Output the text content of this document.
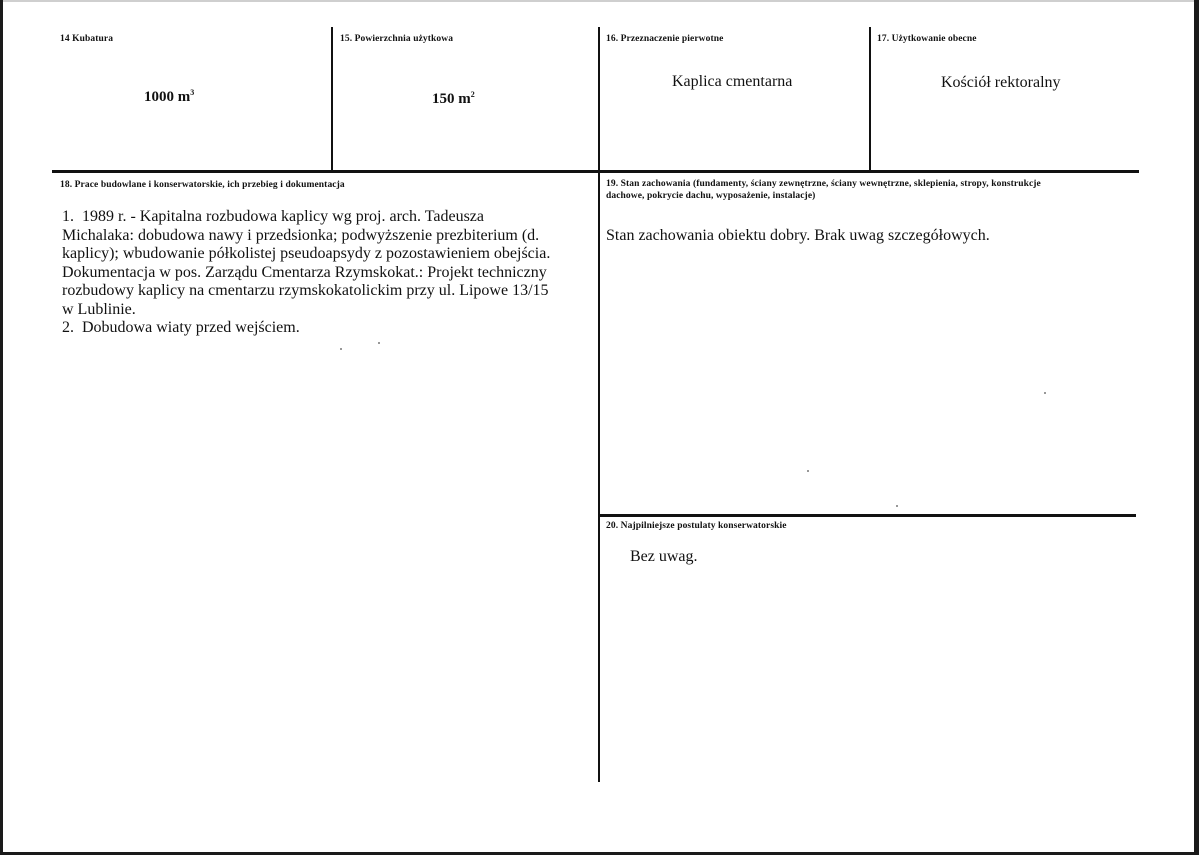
14 Kubatura
1000 $m^3$
15. Powierzchnia użytkowa
150 $m^2$
16. Przeznaczenie pierwotne
Kaplica cmentarna
17. Użytkowanie obecne
Kościół rektoralny
18. Prace budowlane i konserwatorskie, ich przebieg i dokumentacja
1. 1989 r. - Kapitalna rozbudowa kaplicy wg proj. arch. Tadeusza
Michalaka: dobudowa nawy i przedsionka; podwyższenie prezbiterium (d.
kaplicy); wbudowanie półkolistej pseudoapsydy z pozostawieniem obejścia.
Dokumentacja w pos. Zarządu Cmentarza Rzymskokat.: Projekt techniczny
rozbudowy kaplicy na cmentarzu rzymskokatolickim przy ul. Lipowe 13/15
w Lublinie.
2. Dobudowa wiaty przed wejściem.
19. Stan zachowania (fundamenty, ściany zewnętrzne, ściany wewnętrzne, sklepienia, stropy, konstrukcje
dachowe, pokrycie dachu, wyposażenie, instalacje)
Stan zachowania obiektu dobry. Brak uwag szczegółowych.
20. Najpilniejsze postulaty konserwatorskie
Bez uwag.
